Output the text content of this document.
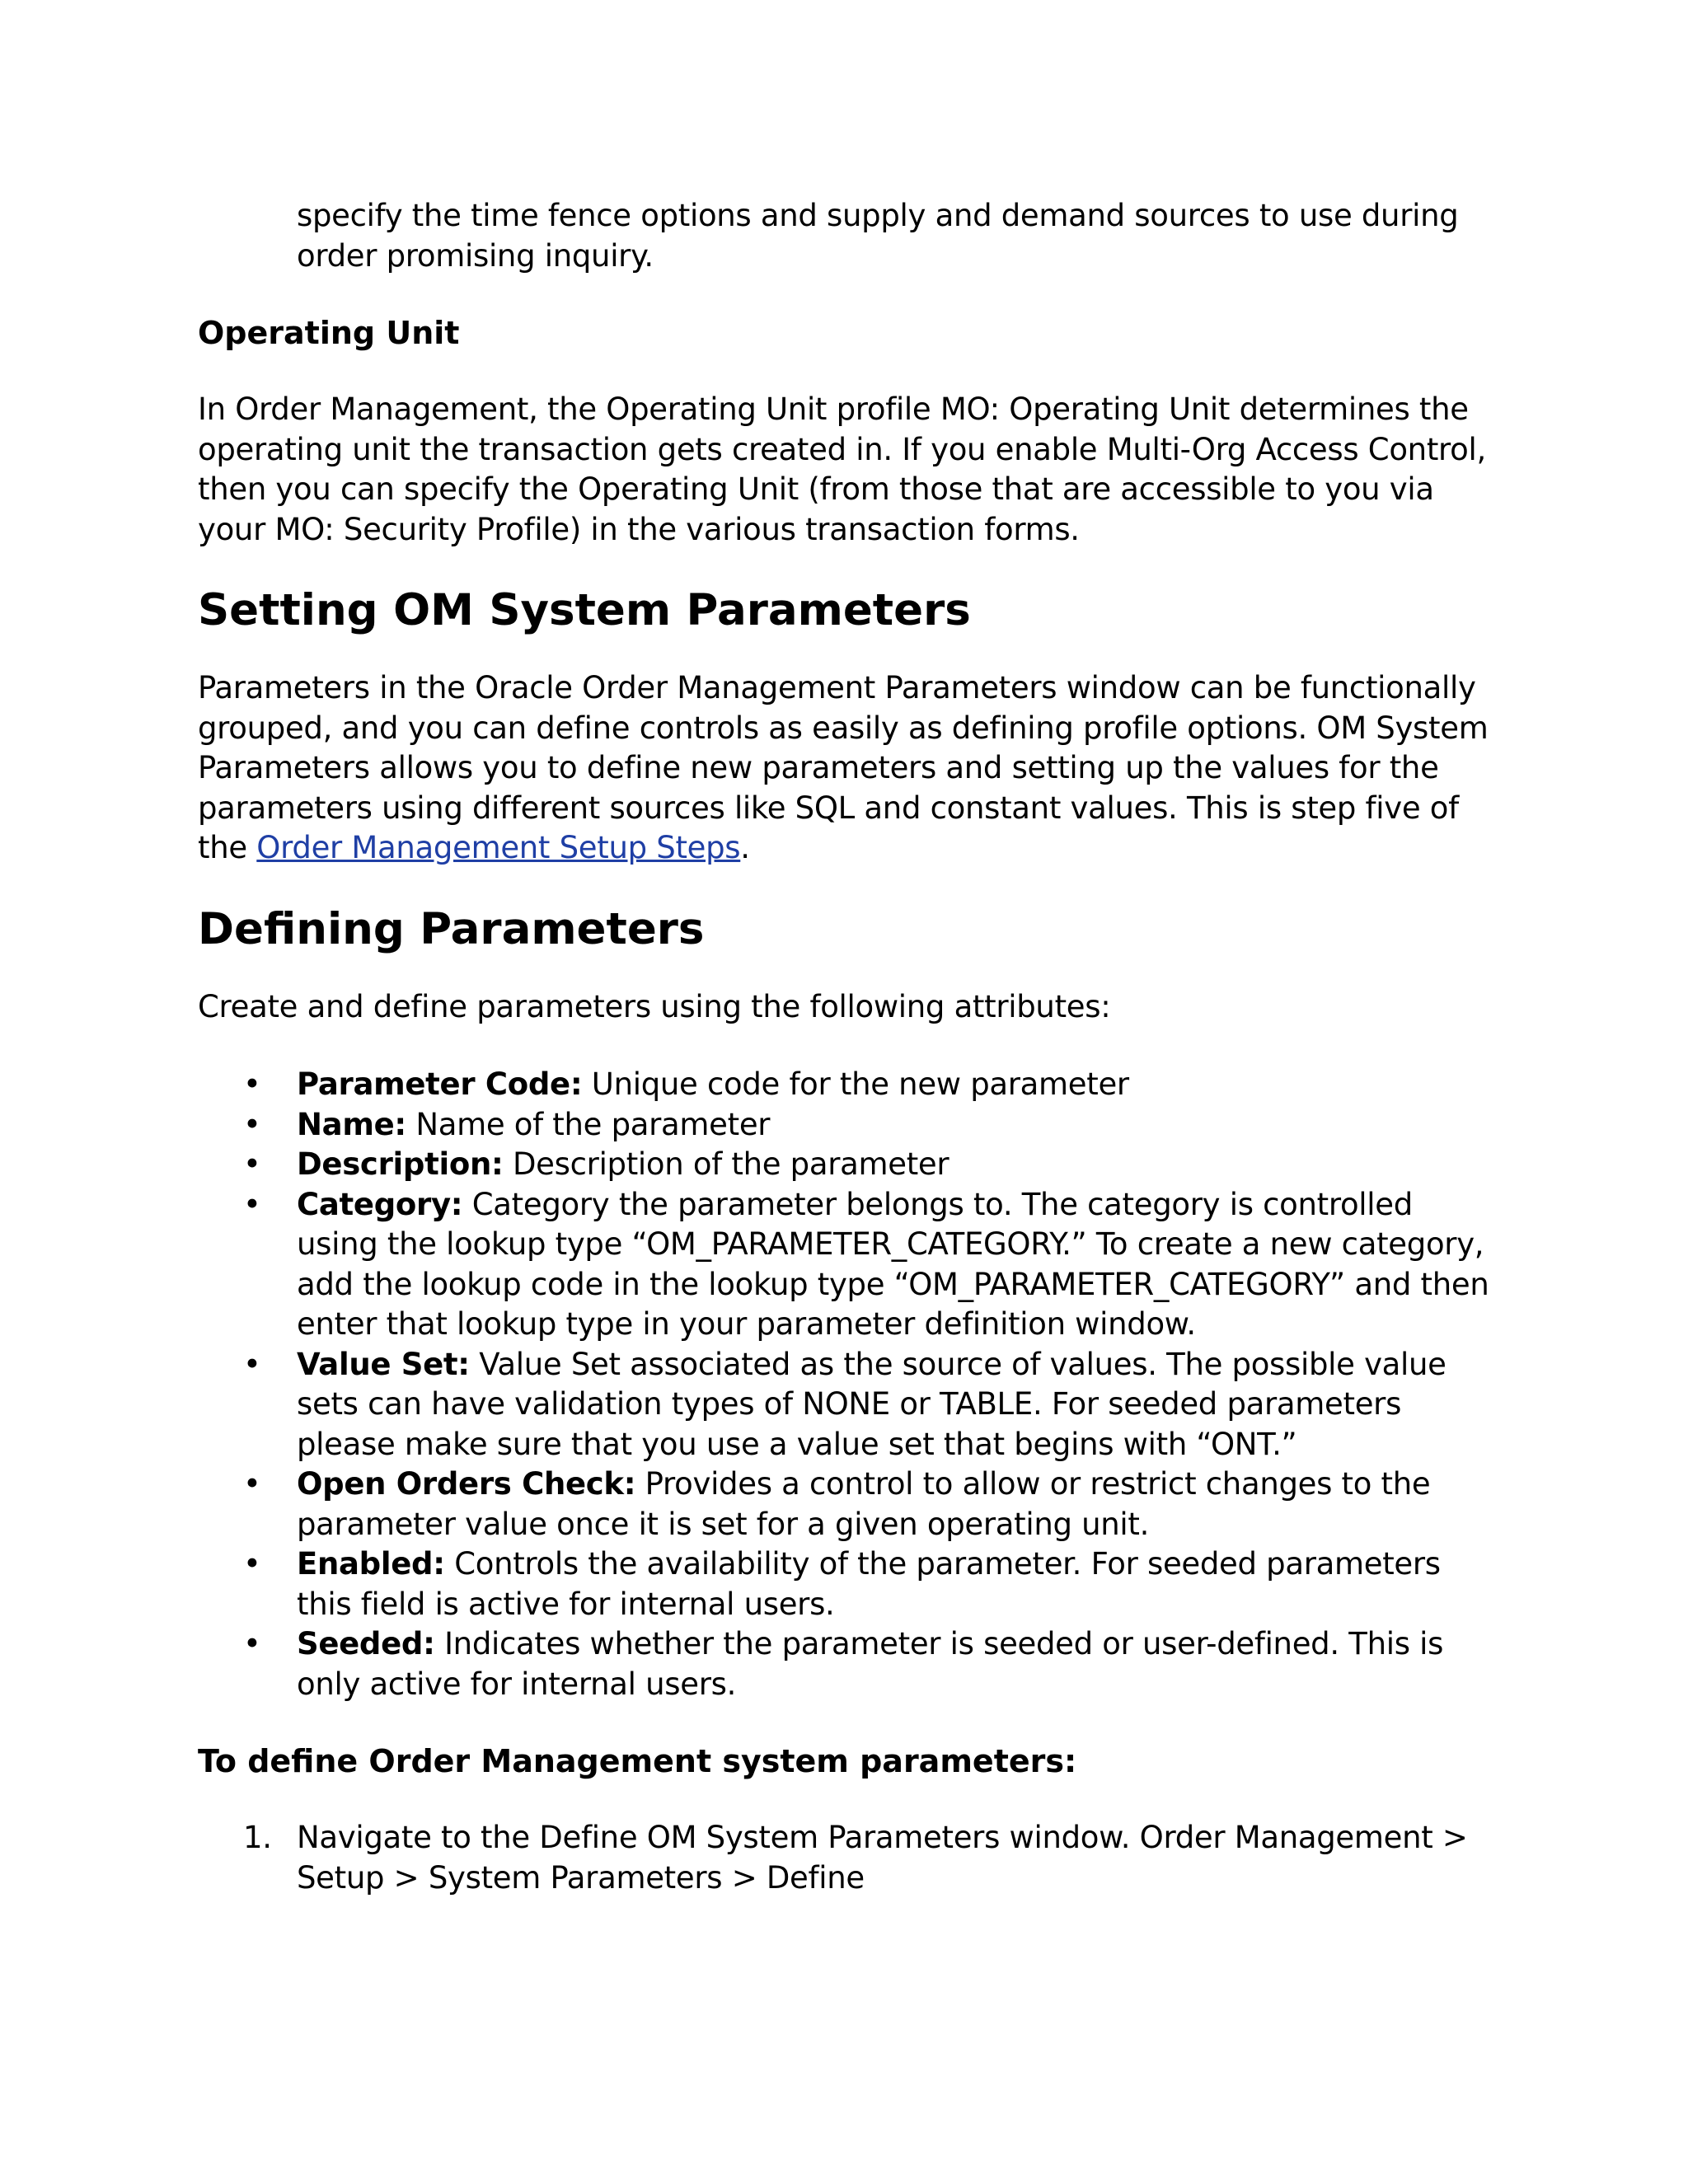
specify the time fence options and supply and demand sources to use during order promising inquiry.

Operating Unit

In Order Management, the Operating Unit profile MO: Operating Unit determines the operating unit the transaction gets created in. If you enable Multi-Org Access Control, then you can specify the Operating Unit (from those that are accessible to you via your MO: Security Profile) in the various transaction forms.

Setting OM System Parameters

Parameters in the Oracle Order Management Parameters window can be functionally grouped, and you can define controls as easily as defining profile options. OM System Parameters allows you to define new parameters and setting up the values for the parameters using different sources like SQL and constant values. This is step five of the Order Management Setup Steps.

Defining Parameters

Create and define parameters using the following attributes:

• Parameter Code: Unique code for the new parameter
• Name: Name of the parameter
• Description: Description of the parameter
• Category: Category the parameter belongs to. The category is controlled using the lookup type “OM_PARAMETER_CATEGORY.” To create a new category, add the lookup code in the lookup type “OM_PARAMETER_CATEGORY” and then enter that lookup type in your parameter definition window.
• Value Set: Value Set associated as the source of values. The possible value sets can have validation types of NONE or TABLE. For seeded parameters please make sure that you use a value set that begins with “ONT.”
• Open Orders Check: Provides a control to allow or restrict changes to the parameter value once it is set for a given operating unit.
• Enabled: Controls the availability of the parameter. For seeded parameters this field is active for internal users.
• Seeded: Indicates whether the parameter is seeded or user-defined. This is only active for internal users.
To define Order Management system parameters:
1. Navigate to the Define OM System Parameters window. Order Management > Setup > System Parameters > Define
